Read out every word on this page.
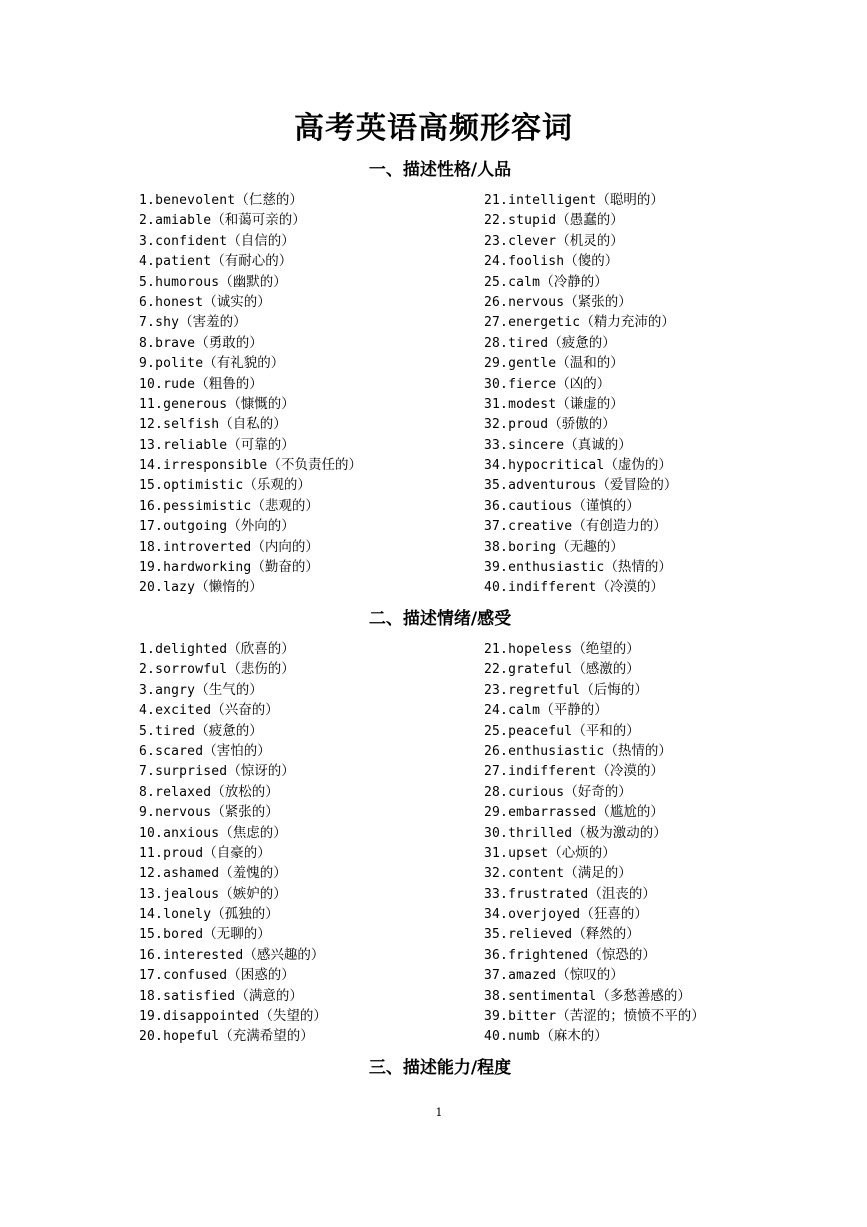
高考英语高频形容词
一、描述性格/人品
1.benevolent（仁慈的）
2.amiable（和蔼可亲的）
3.confident（自信的）
4.patient（有耐心的）
5.humorous（幽默的）
6.honest（诚实的）
7.shy（害羞的）
8.brave（勇敢的）
9.polite（有礼貌的）
10.rude（粗鲁的）
11.generous（慷慨的）
12.selfish（自私的）
13.reliable（可靠的）
14.irresponsible（不负责任的）
15.optimistic（乐观的）
16.pessimistic（悲观的）
17.outgoing（外向的）
18.introverted（内向的）
19.hardworking（勤奋的）
20.lazy（懒惰的）
21.intelligent（聪明的）
22.stupid（愚蠢的）
23.clever（机灵的）
24.foolish（傻的）
25.calm（冷静的）
26.nervous（紧张的）
27.energetic（精力充沛的）
28.tired（疲惫的）
29.gentle（温和的）
30.fierce（凶的）
31.modest（谦虚的）
32.proud（骄傲的）
33.sincere（真诚的）
34.hypocritical（虚伪的）
35.adventurous（爱冒险的）
36.cautious（谨慎的）
37.creative（有创造力的）
38.boring（无趣的）
39.enthusiastic（热情的）
40.indifferent（冷漠的）
二、描述情绪/感受
1.delighted（欣喜的）
2.sorrowful（悲伤的）
3.angry（生气的）
4.excited（兴奋的）
5.tired（疲惫的）
6.scared（害怕的）
7.surprised（惊讶的）
8.relaxed（放松的）
9.nervous（紧张的）
10.anxious（焦虑的）
11.proud（自豪的）
12.ashamed（羞愧的）
13.jealous（嫉妒的）
14.lonely（孤独的）
15.bored（无聊的）
16.interested（感兴趣的）
17.confused（困惑的）
18.satisfied（满意的）
19.disappointed（失望的）
20.hopeful（充满希望的）
21.hopeless（绝望的）
22.grateful（感激的）
23.regretful（后悔的）
24.calm（平静的）
25.peaceful（平和的）
26.enthusiastic（热情的）
27.indifferent（冷漠的）
28.curious（好奇的）
29.embarrassed（尴尬的）
30.thrilled（极为激动的）
31.upset（心烦的）
32.content（满足的）
33.frustrated（沮丧的）
34.overjoyed（狂喜的）
35.relieved（释然的）
36.frightened（惊恐的）
37.amazed（惊叹的）
38.sentimental（多愁善感的）
39.bitter（苦涩的；愤愤不平的）
40.numb（麻木的）
三、描述能力/程度
1
